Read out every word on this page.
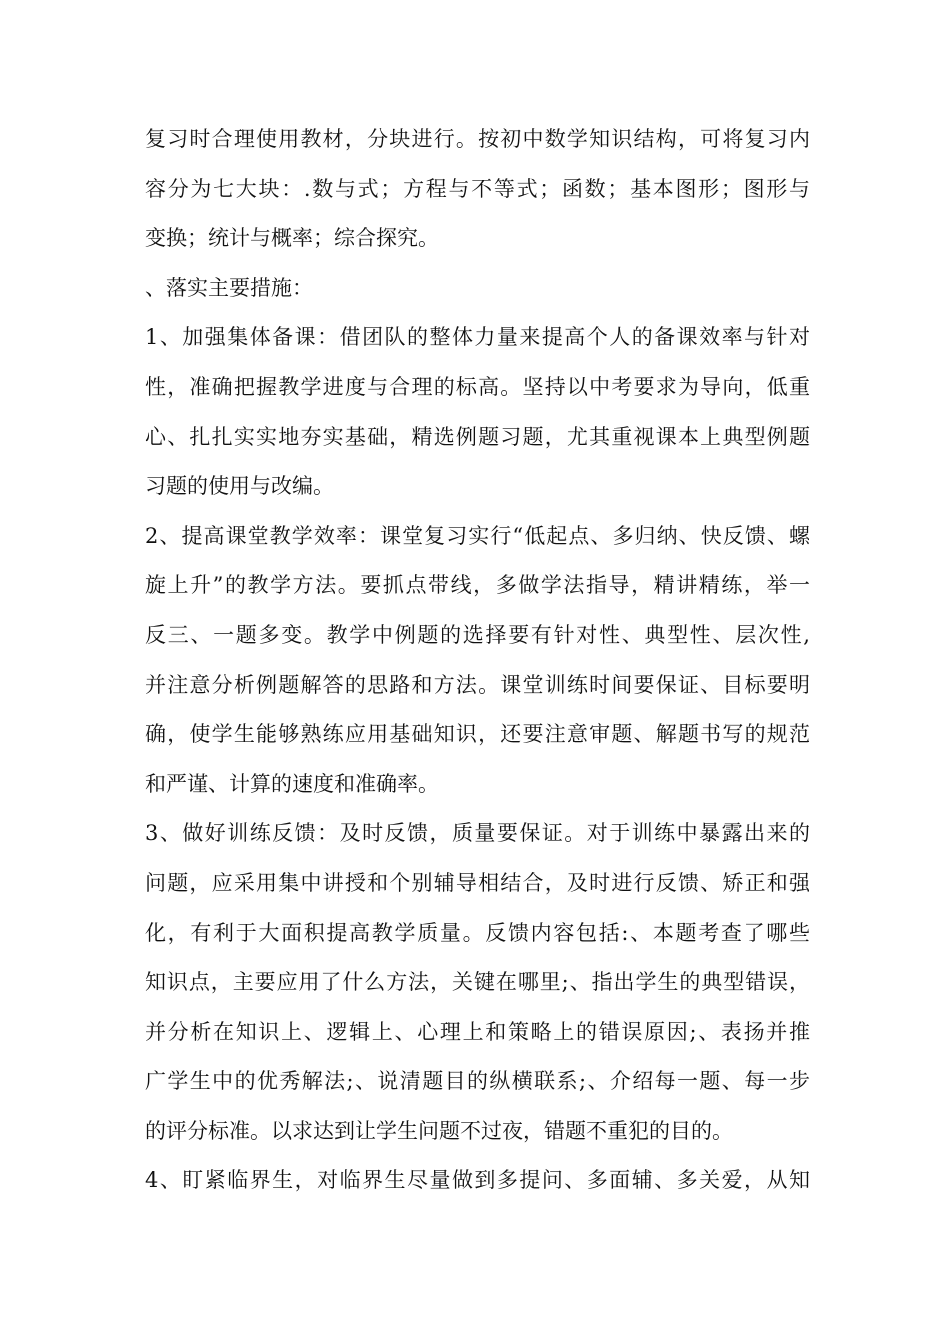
复习时合理使用教材，分块进行。按初中数学知识结构，可将复习内
容分为七大块：.数与式；方程与不等式；函数；基本图形；图形与
变换；统计与概率；综合探究。
、落实主要措施：
1、加强集体备课：借团队的整体力量来提高个人的备课效率与针对
性，准确把握教学进度与合理的标高。坚持以中考要求为导向，低重
心、扎扎实实地夯实基础，精选例题习题，尤其重视课本上典型例题
习题的使用与改编。
2、提高课堂教学效率：课堂复习实行“低起点、多归纳、快反馈、螺
旋上升”的教学方法。要抓点带线，多做学法指导，精讲精练，举一
反三、一题多变。教学中例题的选择要有针对性、典型性、层次性,
并注意分析例题解答的思路和方法。课堂训练时间要保证、目标要明
确，使学生能够熟练应用基础知识，还要注意审题、解题书写的规范
和严谨、计算的速度和准确率。
3、做好训练反馈：及时反馈，质量要保证。对于训练中暴露出来的
问题，应采用集中讲授和个别辅导相结合，及时进行反馈、矫正和强
化，有利于大面积提高教学质量。反馈内容包括:、本题考查了哪些
知识点，主要应用了什么方法，关键在哪里;、指出学生的典型错误，
并分析在知识上、逻辑上、心理上和策略上的错误原因;、表扬并推
广学生中的优秀解法;、说清题目的纵横联系;、介绍每一题、每一步
的评分标准。以求达到让学生问题不过夜，错题不重犯的目的。
4、盯紧临界生，对临界生尽量做到多提问、多面辅、多关爱，从知
